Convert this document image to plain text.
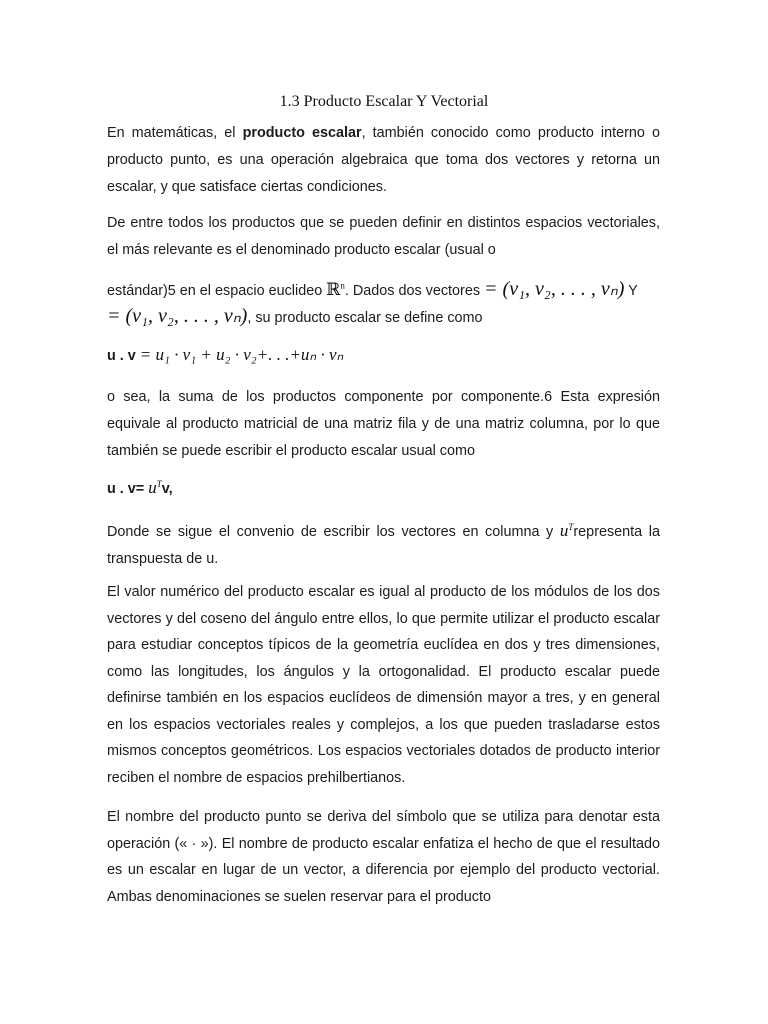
1.3 Producto Escalar Y Vectorial

En matemáticas, el producto escalar, también conocido como producto interno o producto punto, es una operación algebraica que toma dos vectores y retorna un escalar, y que satisface ciertas condiciones.

De entre todos los productos que se pueden definir en distintos espacios vectoriales, el más relevante es el denominado producto escalar (usual o

estándar)5 en el espacio euclideo ℝ$^n$. Dados dos vectores = (v₁, v₂, . . . , vₙ) Y
= (v₁, v₂, . . . , vₙ), su producto escalar se define como
u . v = u₁ · v₁ + u₂ · v₂+. . .+uₙ · vₙ

o sea, la suma de los productos componente por componente.6 Esta expresión equivale al producto matricial de una matriz fila y de una matriz columna, por lo que también se puede escribir el producto escalar usual como

u . $v= u^Tv$,

Donde se sigue el convenio de escribir los vectores en columna y $u^Trepresenta$ la transpuesta de u.

El valor numérico del producto escalar es igual al producto de los módulos de los dos vectores y del coseno del ángulo entre ellos, lo que permite utilizar el producto escalar para estudiar conceptos típicos de la geometría euclídea en dos y tres dimensiones, como las longitudes, los ángulos y la ortogonalidad. El producto escalar puede definirse también en los espacios euclídeos de dimensión mayor a tres, y en general en los espacios vectoriales reales y complejos, a los que pueden trasladarse estos mismos conceptos geométricos. Los espacios vectoriales dotados de producto interior reciben el nombre de espacios prehilbertianos.

El nombre del producto punto se deriva del símbolo que se utiliza para denotar esta operación (« · »). El nombre de producto escalar enfatiza el hecho de que el resultado es un escalar en lugar de un vector, a diferencia por ejemplo del producto vectorial. Ambas denominaciones se suelen reservar para el producto
